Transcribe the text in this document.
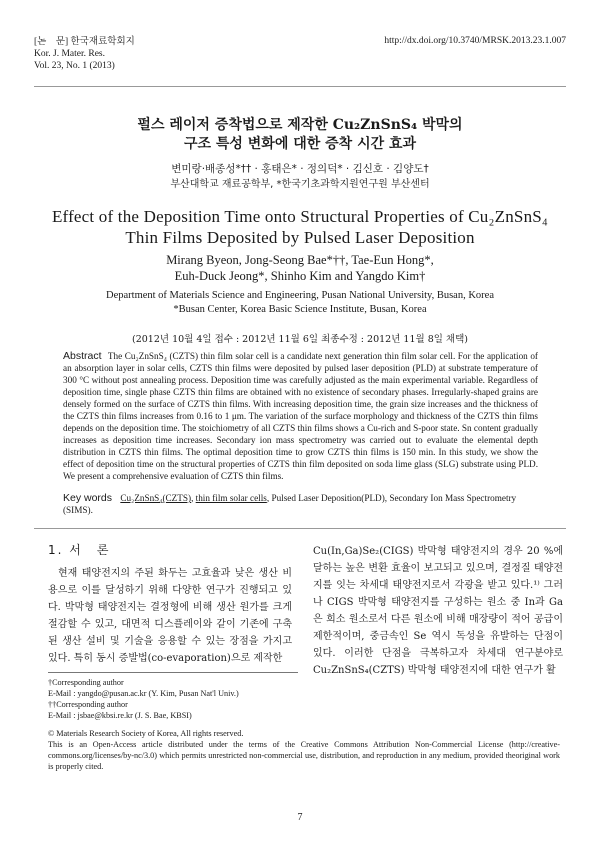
[논　문] 한국재료학회지
Kor. J. Mater. Res.
Vol. 23, No. 1 (2013)
http://dx.doi.org/10.3740/MRSK.2013.23.1.007
펄스 레이저 증착법으로 제작한 Cu₂ZnSnS₄ 박막의
구조 특성 변화에 대한 증착 시간 효과
변미랑·배종성*†† · 홍태은* · 정의덕* · 김신호 · 김양도†
부산대학교 재료공학부, *한국기초과학지원연구원 부산센터
Effect of the Deposition Time onto Structural Properties of Cu₂ZnSnS₄
Thin Films Deposited by Pulsed Laser Deposition
Mirang Byeon, Jong-Seong Bae*††, Tae-Eun Hong*,
Euh-Duck Jeong*, Shinho Kim and Yangdo Kim†
Department of Materials Science and Engineering, Pusan National University, Busan, Korea
*Busan Center, Korea Basic Science Institute, Busan, Korea
(2012년 10월 4일 접수 : 2012년 11월 6일 최종수정 : 2012년 11월 8일 채택)
Abstract The Cu₂ZnSnS₄ (CZTS) thin film solar cell is a candidate next generation thin film solar cell. For the application of an absorption layer in solar cells, CZTS thin films were deposited by pulsed laser deposition (PLD) at substrate temperature of 300 °C without post annealing process. Deposition time was carefully adjusted as the main experimental variable. Regardless of deposition time, single phase CZTS thin films are obtained with no existence of secondary phases. Irregularly-shaped grains are densely formed on the surface of CZTS thin films. With increasing deposition time, the grain size increases and the thickness of the CZTS thin films increases from 0.16 to 1 μm. The variation of the surface morphology and thickness of the CZTS thin films depends on the deposition time. The stoichiometry of all CZTS thin films shows a Cu-rich and S-poor state. Sn content gradually increases as deposition time increases. Secondary ion mass spectrometry was carried out to evaluate the elemental depth distribution in CZTS thin films. The optimal deposition time to grow CZTS thin films is 150 min. In this study, we show the effect of deposition time on the structural properties of CZTS thin film deposited on soda lime glass (SLG) substrate using PLD. We present a comprehensive evaluation of CZTS thin films.
Key words Cu₂ZnSnS₄(CZTS), thin film solar cells, Pulsed Laser Deposition(PLD), Secondary Ion Mass Spectrometry (SIMS).
1. 서　론
현재 태양전지의 주된 화두는 고효율과 낮은 생산 비용으로 이를 달성하기 위해 다양한 연구가 진행되고 있다. 박막형 태양전지는 결정형에 비해 생산 원가를 크게 절감할 수 있고, 대면적 디스플레이와 같이 기존에 구축된 생산 설비 및 기술을 응용할 수 있는 장점을 가지고 있다. 특히 동시 증발법(co-evaporation)으로 제작한
Cu(In,Ga)Se₂(CIGS) 박막형 태양전지의 경우 20 %에 달하는 높은 변환 효율이 보고되고 있으며, 결정질 태양전지를 잇는 차세대 태양전지로서 각광을 받고 있다.¹⁾ 그러나 CIGS 박막형 태양전지를 구성하는 원소 중 In과 Ga은 희소 원소로서 다른 원소에 비해 매장량이 적어 공급이 제한적이며, 중금속인 Se 역시 독성을 유발하는 단점이 있다. 이러한 단점을 극복하고자 차세대 연구분야로 Cu₂ZnSnS₄(CZTS) 박막형 태양전지에 대한 연구가 활
†Corresponding author
E-Mail : yangdo@pusan.ac.kr (Y. Kim, Pusan Nat'l Univ.)
††Corresponding author
E-Mail : jsbae@kbsi.re.kr (J. S. Bae, KBSI)
© Materials Research Society of Korea, All rights reserved.
This is an Open-Access article distributed under the terms of the Creative Commons Attribution Non-Commercial License (http://creative-commons.org/licenses/by-nc/3.0) which permits unrestricted non-commercial use, distribution, and reproduction in any medium, provided theoriginal work is properly cited.
7
